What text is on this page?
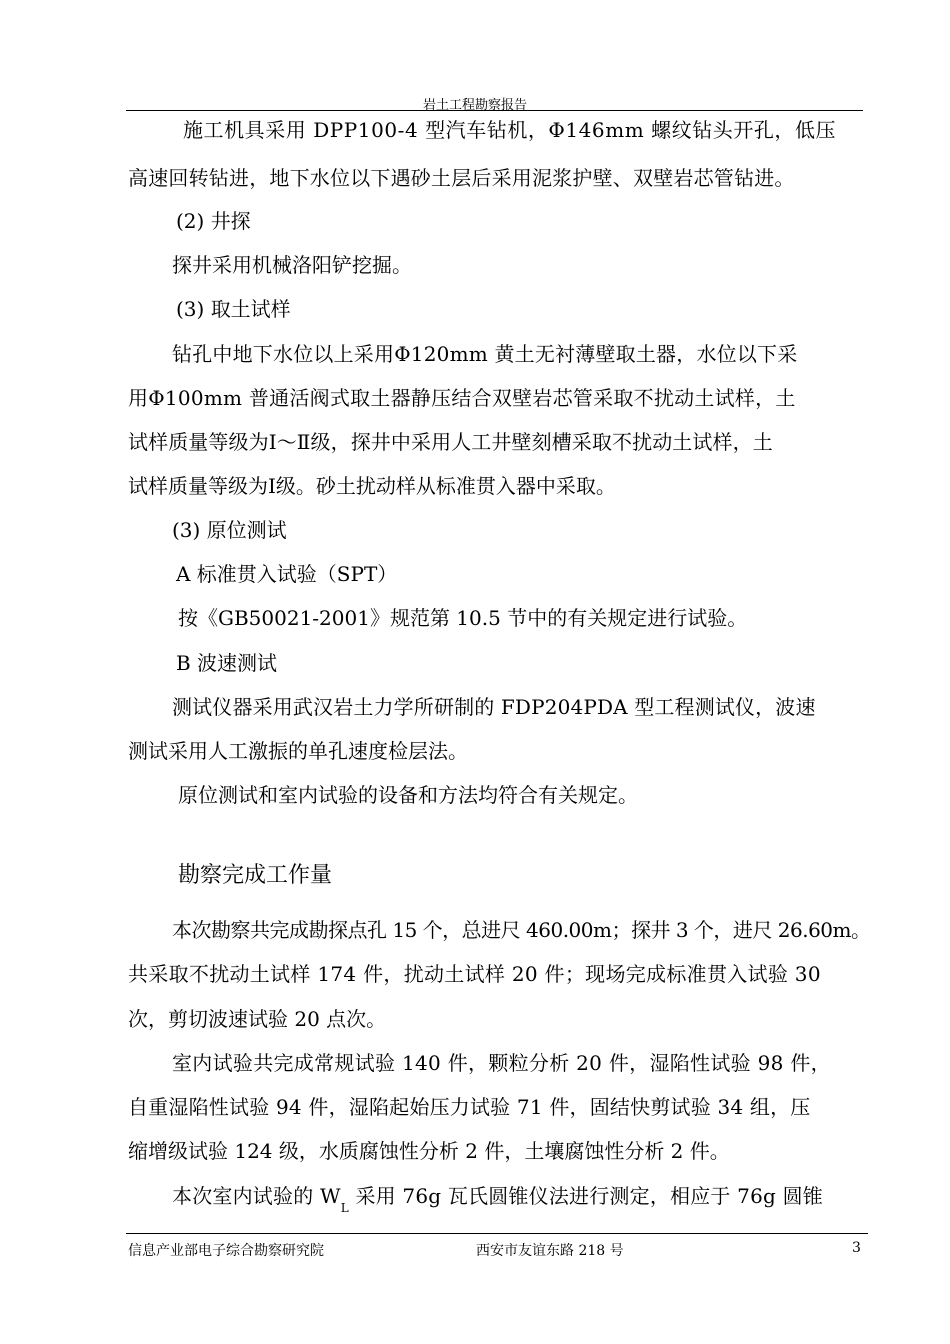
岩土工程勘察报告
施工机具采用 DPP100-4 型汽车钻机，Φ146mm 螺纹钻头开孔，低压
高速回转钻进，地下水位以下遇砂土层后采用泥浆护壁、双壁岩芯管钻进。
(2) 井探
探井采用机械洛阳铲挖掘。
(3) 取土试样
钻孔中地下水位以上采用Φ120mm 黄土无衬薄壁取土器，水位以下采
用Φ100mm 普通活阀式取土器静压结合双壁岩芯管采取不扰动土试样，土
试样质量等级为Ⅰ～Ⅱ级，探井中采用人工井壁刻槽采取不扰动土试样，土
试样质量等级为Ⅰ级。砂土扰动样从标准贯入器中采取。
(3) 原位测试
A 标准贯入试验（SPT）
按《GB50021-2001》规范第 10.5 节中的有关规定进行试验。
B 波速测试
测试仪器采用武汉岩土力学所研制的 FDP204PDA 型工程测试仪，波速
测试采用人工激振的单孔速度检层法。
原位测试和室内试验的设备和方法均符合有关规定。
勘察完成工作量
本次勘察共完成勘探点孔 15 个，总进尺 460.00m；探井 3 个，进尺 26.60m。
共采取不扰动土试样 174 件，扰动土试样 20 件；现场完成标准贯入试验 30
次，剪切波速试验 20 点次。
室内试验共完成常规试验 140 件，颗粒分析 20 件，湿陷性试验 98 件，
自重湿陷性试验 94 件，湿陷起始压力试验 71 件，固结快剪试验 34 组，压
缩增级试验 124 级，水质腐蚀性分析 2 件，土壤腐蚀性分析 2 件。
本次室内试验的 $W_L$ 采用 76g 瓦氏圆锥仪法进行测定，相应于 76g 圆锥
信息产业部电子综合勘察研究院	西安市友谊东路 218 号	3
